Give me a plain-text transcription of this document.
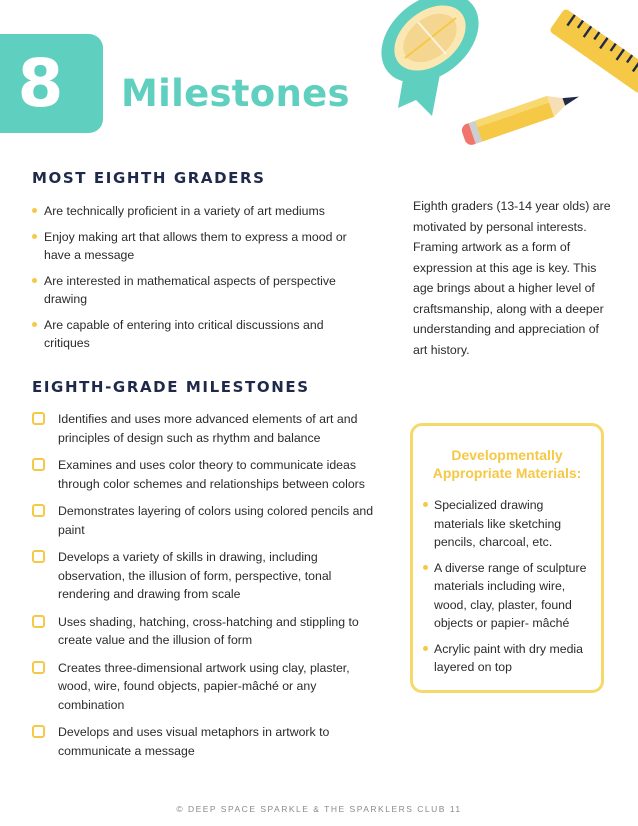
8 Milestones
MOST EIGHTH GRADERS
Are technically proficient in a variety of art mediums
Enjoy making art that allows them to express a mood or have a message
Are interested in mathematical aspects of perspective drawing
Are capable of entering into critical discussions and critiques
EIGHTH-GRADE MILESTONES
Identifies and uses more advanced elements of art and principles of design such as rhythm and balance
Examines and uses color theory to communicate ideas through color schemes and relationships between colors
Demonstrates layering of colors using colored pencils and paint
Develops a variety of skills in drawing, including observation, the illusion of form, perspective, tonal rendering and drawing from scale
Uses shading, hatching, cross-hatching and stippling to create value and the illusion of form
Creates three-dimensional artwork using clay, plaster, wood, wire, found objects, papier-mâché or any combination
Develops and uses visual metaphors in artwork to communicate a message
Eighth graders (13-14 year olds) are motivated by personal interests. Framing artwork as a form of expression at this age is key. This age brings about a higher level of craftsmanship, along with a deeper understanding and appreciation of art history.
Developmentally
Appropriate Materials:
Specialized drawing materials like sketching pencils, charcoal, etc.
A diverse range of sculpture materials including wire, wood, clay, plaster, found objects or papier- mâché
Acrylic paint with dry media layered on top
© DEEP SPACE SPARKLE & THE SPARKLERS CLUB 11
